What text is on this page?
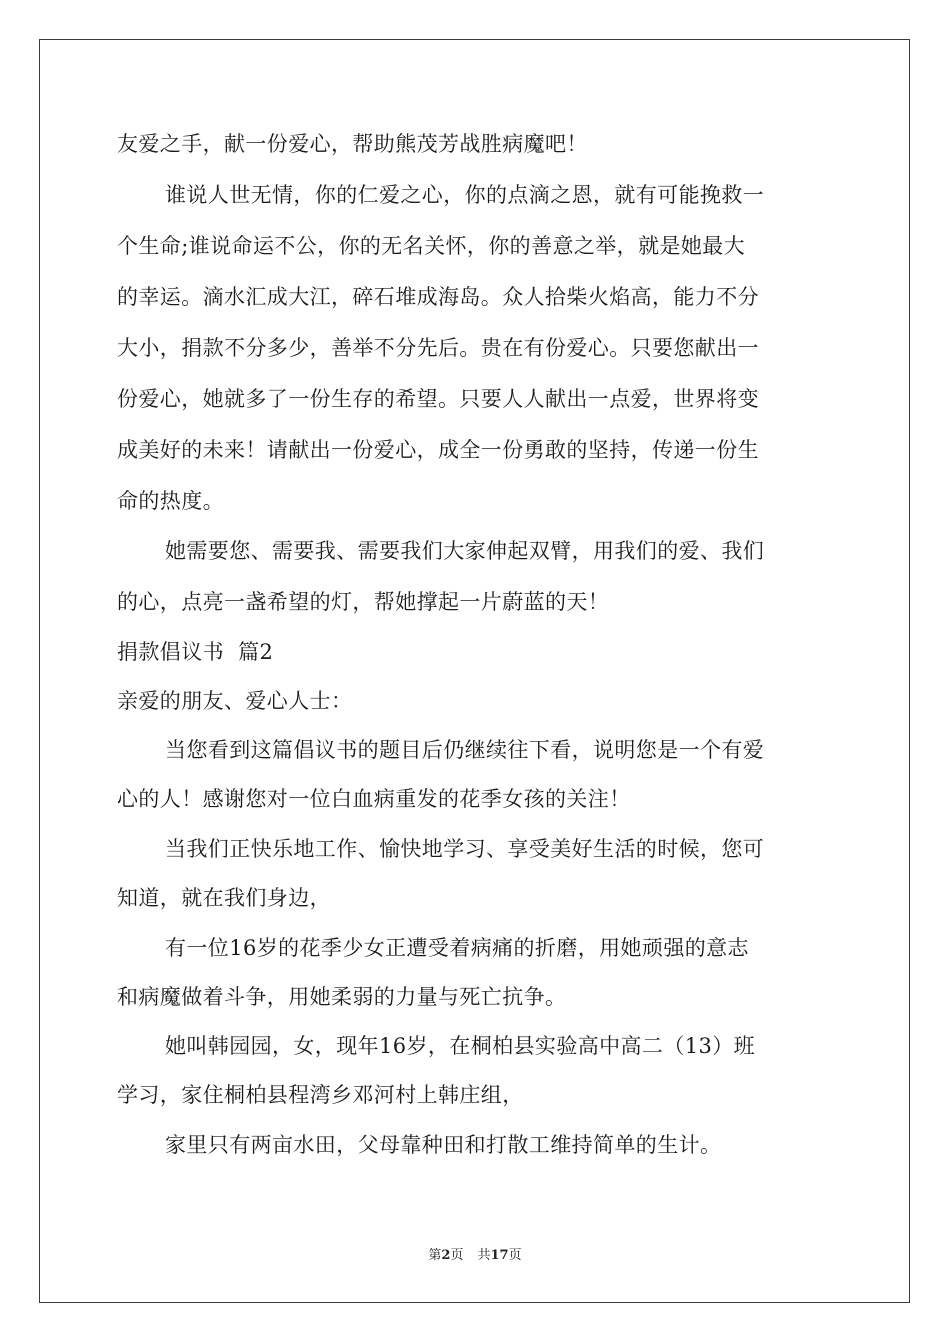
友爱之手，献一份爱心，帮助熊茂芳战胜病魔吧！
谁说人世无情，你的仁爱之心，你的点滴之恩，就有可能挽救一
个生命;谁说命运不公，你的无名关怀，你的善意之举，就是她最大
的幸运。滴水汇成大江，碎石堆成海岛。众人拾柴火焰高，能力不分
大小，捐款不分多少，善举不分先后。贵在有份爱心。只要您献出一
份爱心，她就多了一份生存的希望。只要人人献出一点爱，世界将变
成美好的未来！请献出一份爱心，成全一份勇敢的坚持，传递一份生
命的热度。
她需要您、需要我、需要我们大家伸起双臂，用我们的爱、我们
的心，点亮一盏希望的灯，帮她撑起一片蔚蓝的天！
捐款倡议书  篇2
亲爱的朋友、爱心人士：
当您看到这篇倡议书的题目后仍继续往下看，说明您是一个有爱
心的人！感谢您对一位白血病重发的花季女孩的关注！
当我们正快乐地工作、愉快地学习、享受美好生活的时候，您可
知道，就在我们身边，
有一位16岁的花季少女正遭受着病痛的折磨，用她顽强的意志
和病魔做着斗争，用她柔弱的力量与死亡抗争。
她叫韩园园，女，现年16岁，在桐柏县实验高中高二（13）班
学习，家住桐柏县程湾乡邓河村上韩庄组，
家里只有两亩水田，父母靠种田和打散工维持简单的生计。
第2页 共17页
